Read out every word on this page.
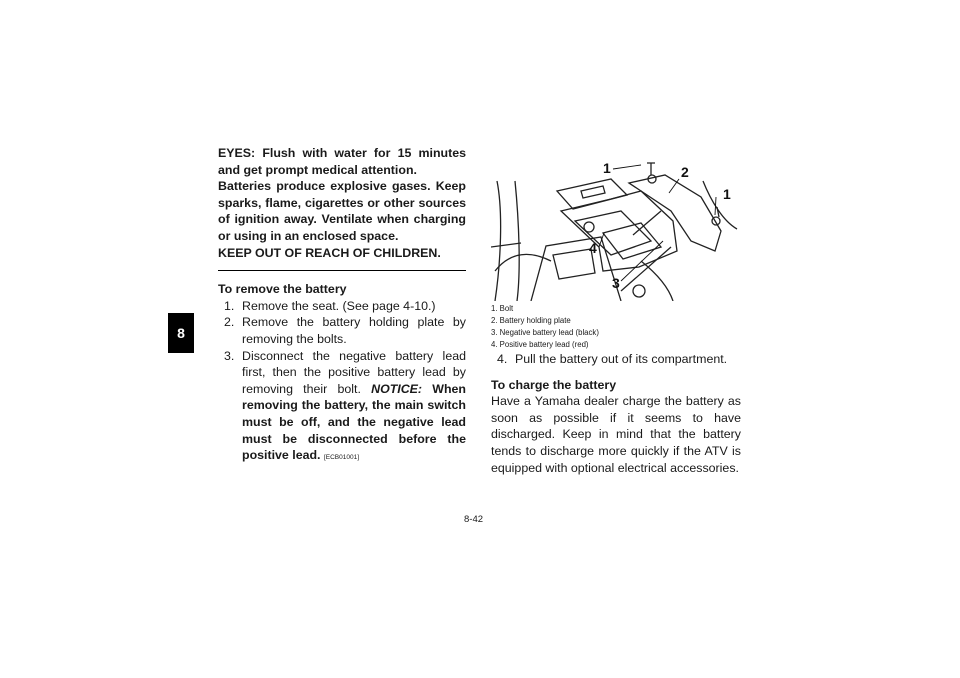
8

EYES: Flush with water for 15 minutes and get prompt medical attention.

Batteries produce explosive gases. Keep sparks, flame, cigarettes or other sources of ignition away. Ventilate when charging or using in an enclosed space.

KEEP OUT OF REACH OF CHILDREN.

To remove the battery

1. Remove the seat. (See page 4-10.)
2. Remove the battery holding plate by removing the bolts.
3. Disconnect the negative battery lead first, then the positive battery lead by removing their bolt. NOTICE: When removing the battery, the main switch must be off, and the negative lead must be disconnected before the positive lead. [ECB01001]
1	2
1
4
3
1. Bolt
2. Battery holding plate
3. Negative battery lead (black)
4. Positive battery lead (red)
4. Pull the battery out of its compartment.

To charge the battery

Have a Yamaha dealer charge the battery as soon as possible if it seems to have discharged. Keep in mind that the battery tends to discharge more quickly if the ATV is equipped with optional electrical accessories.

8-42
